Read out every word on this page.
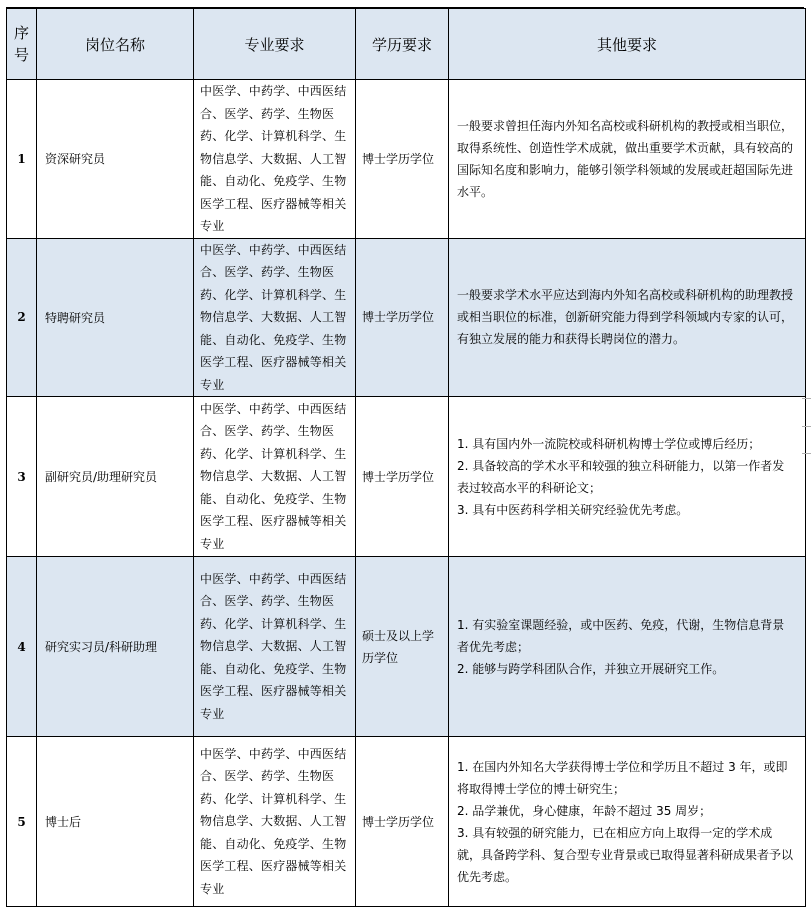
序
号	岗位名称	专业要求	学历要求	其他要求
1	资深研究员	中医学、中药学、中西医结合、医学、药学、生物医药、化学、计算机科学、生物信息学、大数据、人工智能、自动化、免疫学、生物医学工程、医疗器械等相关专业	博士学历学位	一般要求曾担任海内外知名高校或科研机构的教授或相当职位，取得系统性、创造性学术成就，做出重要学术贡献，具有较高的国际知名度和影响力，能够引领学科领域的发展或赶超国际先进水平。

2	特聘研究员	中医学、中药学、中西医结合、医学、药学、生物医药、化学、计算机科学、生物信息学、大数据、人工智能、自动化、免疫学、生物医学工程、医疗器械等相关专业	博士学历学位	一般要求学术水平应达到海内外知名高校或科研机构的助理教授或相当职位的标准，创新研究能力得到学科领域内专家的认可，有独立发展的能力和获得长聘岗位的潜力。

3	副研究员/助理研究员	中医学、中药学、中西医结合、医学、药学、生物医药、化学、计算机科学、生物信息学、大数据、人工智能、自动化、免疫学、生物医学工程、医疗器械等相关专业	博士学历学位	1. 具有国内外一流院校或科研机构博士学位或博后经历；
2. 具备较高的学术水平和较强的独立科研能力，以第一作者发表过较高水平的科研论文；
3. 具有中医药科学相关研究经验优先考虑。

4	研究实习员/科研助理	中医学、中药学、中西医结合、医学、药学、生物医药、化学、计算机科学、生物信息学、大数据、人工智能、自动化、免疫学、生物医学工程、医疗器械等相关专业	硕士及以上学历学位	1. 有实验室课题经验，或中医药、免疫，代谢，生物信息背景者优先考虑；
2. 能够与跨学科团队合作，并独立开展研究工作。

5	博士后	中医学、中药学、中西医结合、医学、药学、生物医药、化学、计算机科学、生物信息学、大数据、人工智能、自动化、免疫学、生物医学工程、医疗器械等相关专业	博士学历学位	1. 在国内外知名大学获得博士学位和学历且不超过 3 年，或即将取得博士学位的博士研究生；
2. 品学兼优，身心健康，年龄不超过 35 周岁；
3. 具有较强的研究能力，已在相应方向上取得一定的学术成就，具备跨学科、复合型专业背景或已取得显著科研成果者予以优先考虑。
